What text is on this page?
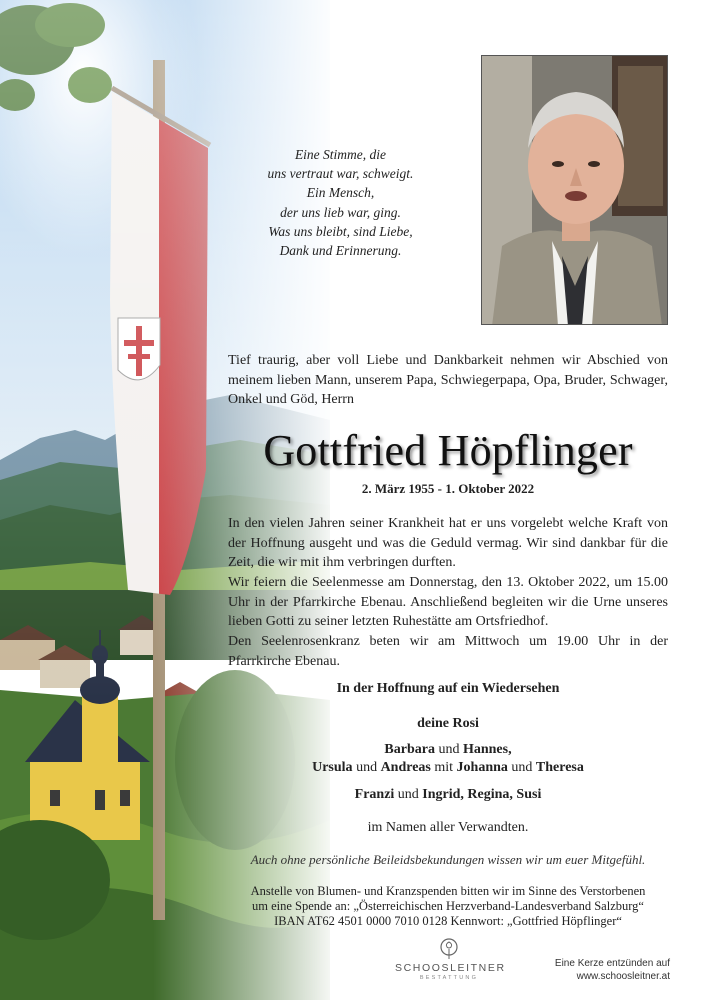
Eine Stimme, die
uns vertraut war, schweigt.
Ein Mensch,
der uns lieb war, ging.
Was uns bleibt, sind Liebe,
Dank und Erinnerung.
Tief traurig, aber voll Liebe und Dankbarkeit nehmen wir Abschied von meinem lieben Mann, unserem Papa, Schwiegerpapa, Opa, Bruder, Schwager, Onkel und Göd, Herrn
Gottfried Höpflinger
2. März 1955 - 1. Oktober 2022
In den vielen Jahren seiner Krankheit hat er uns vorgelebt welche Kraft von der Hoffnung ausgeht und was die Geduld vermag. Wir sind dankbar für die Zeit, die wir mit ihm verbringen durften.
Wir feiern die Seelenmesse am Donnerstag, den 13. Oktober 2022, um 15.00 Uhr in der Pfarrkirche Ebenau. Anschließend begleiten wir die Urne unseres lieben Gotti zu seiner letzten Ruhestätte am Ortsfriedhof.
Den Seelenrosenkranz beten wir am Mittwoch um 19.00 Uhr in der Pfarrkirche Ebenau.
In der Hoffnung auf ein Wiedersehen
deine Rosi
Barbara und Hannes,
Ursula und Andreas mit Johanna und Theresa
Franzi und Ingrid, Regina, Susi
im Namen aller Verwandten.
Auch ohne persönliche Beileidsbekundungen wissen wir um euer Mitgefühl.
Anstelle von Blumen- und Kranzspenden bitten wir im Sinne des Verstorbenen
um eine Spende an: „Österreichischen Herzverband-Landesverband Salzburg“
IBAN AT62 4501 0000 7010 0128 Kennwort: „Gottfried Höpflinger“
SCHOOSLEITNER
BESTATTUNG
Eine Kerze entzünden auf
www.schoosleitner.at
